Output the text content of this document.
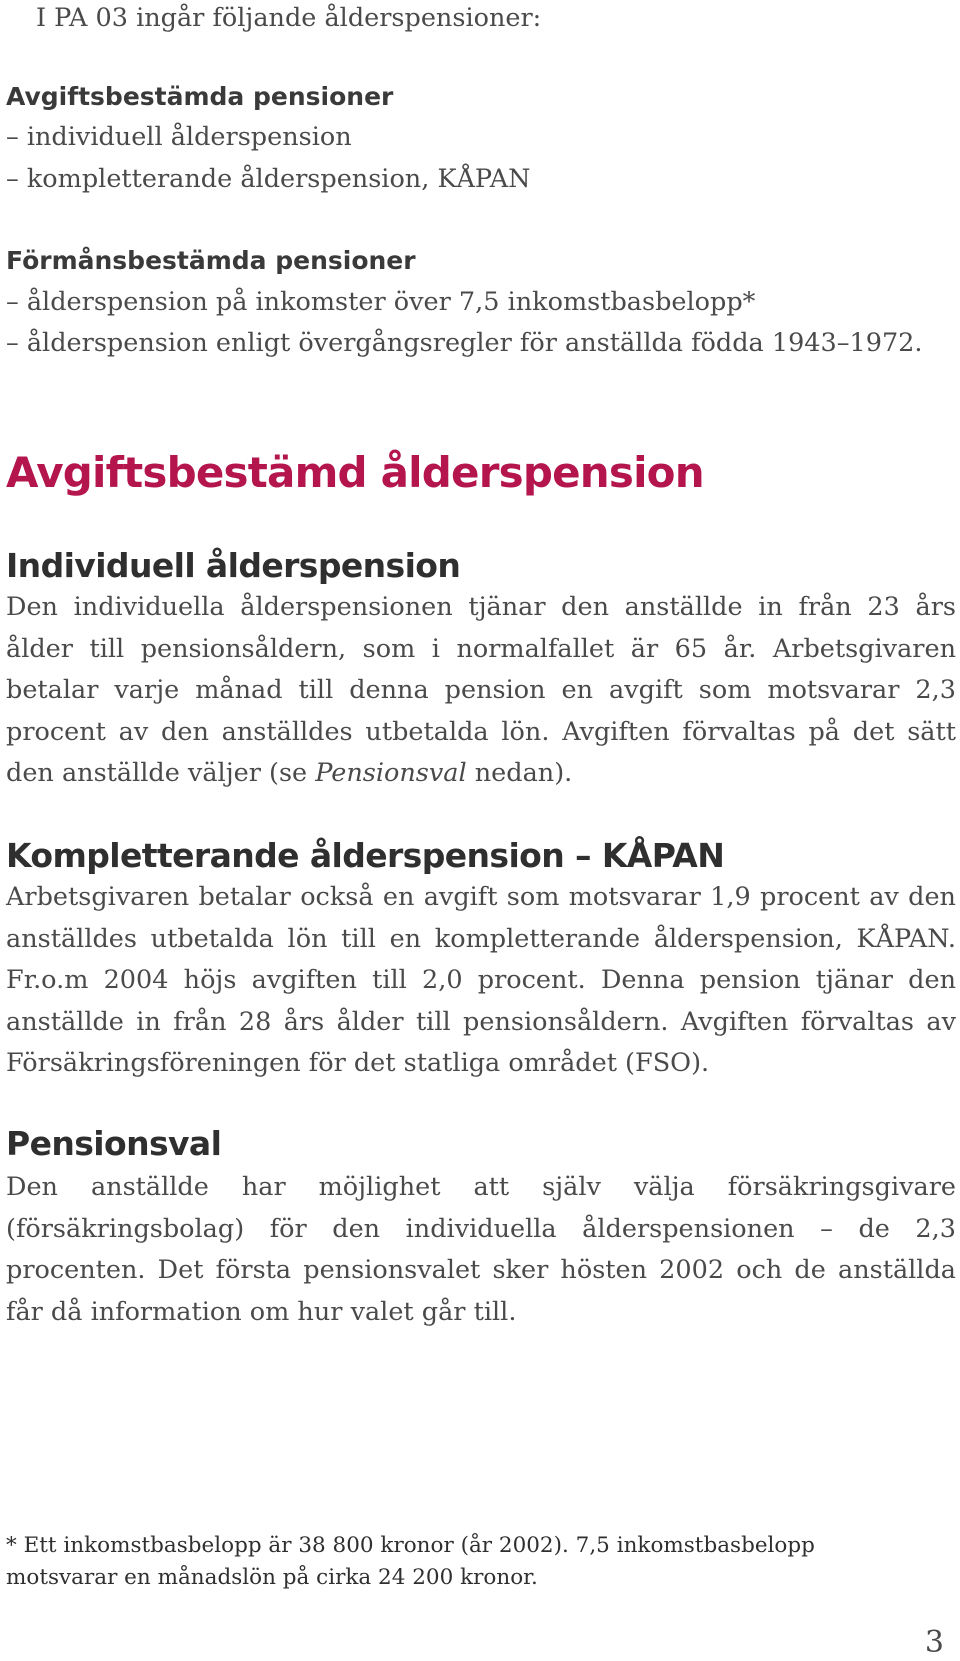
I PA 03 ingår följande ålderspensioner:

Avgiftsbestämda pensioner

– individuell ålderspension

– kompletterande ålderspension, KÅPAN

Förmånsbestämda pensioner

– ålderspension på inkomster över 7,5 inkomstbasbelopp*

– ålderspension enligt övergångsregler för anställda födda 1943–1972.

Avgiftsbestämd ålderspension
Individuell ålderspension

Den individuella ålderspensionen tjänar den anställde in från 23 års ålder till pensionsåldern, som i normalfallet är 65 år. Arbetsgivaren betalar varje månad till denna pension en avgift som motsvarar 2,3 procent av den anställdes utbetalda lön. Avgiften förvaltas på det sätt den anställde väljer (se Pensionsval nedan).

Kompletterande ålderspension – KÅPAN

Arbetsgivaren betalar också en avgift som motsvarar 1,9 procent av den anställdes utbetalda lön till en kompletterande ålderspension, KÅPAN. Fr.o.m 2004 höjs avgiften till 2,0 procent. Denna pension tjänar den anställde in från 28 års ålder till pensionsåldern. Avgiften förvaltas av Försäkringsföreningen för det statliga området (FSO).

Pensionsval

Den anställde har möjlighet att själv välja försäkringsgivare (försäkringsbolag) för den individuella ålderspensionen – de 2,3 procenten. Det första pensionsvalet sker hösten 2002 och de anställda får då information om hur valet går till.

* Ett inkomstbasbelopp är 38 800 kronor (år 2002). 7,5 inkomstbasbelopp

motsvarar en månadslön på cirka 24 200 kronor.

3
